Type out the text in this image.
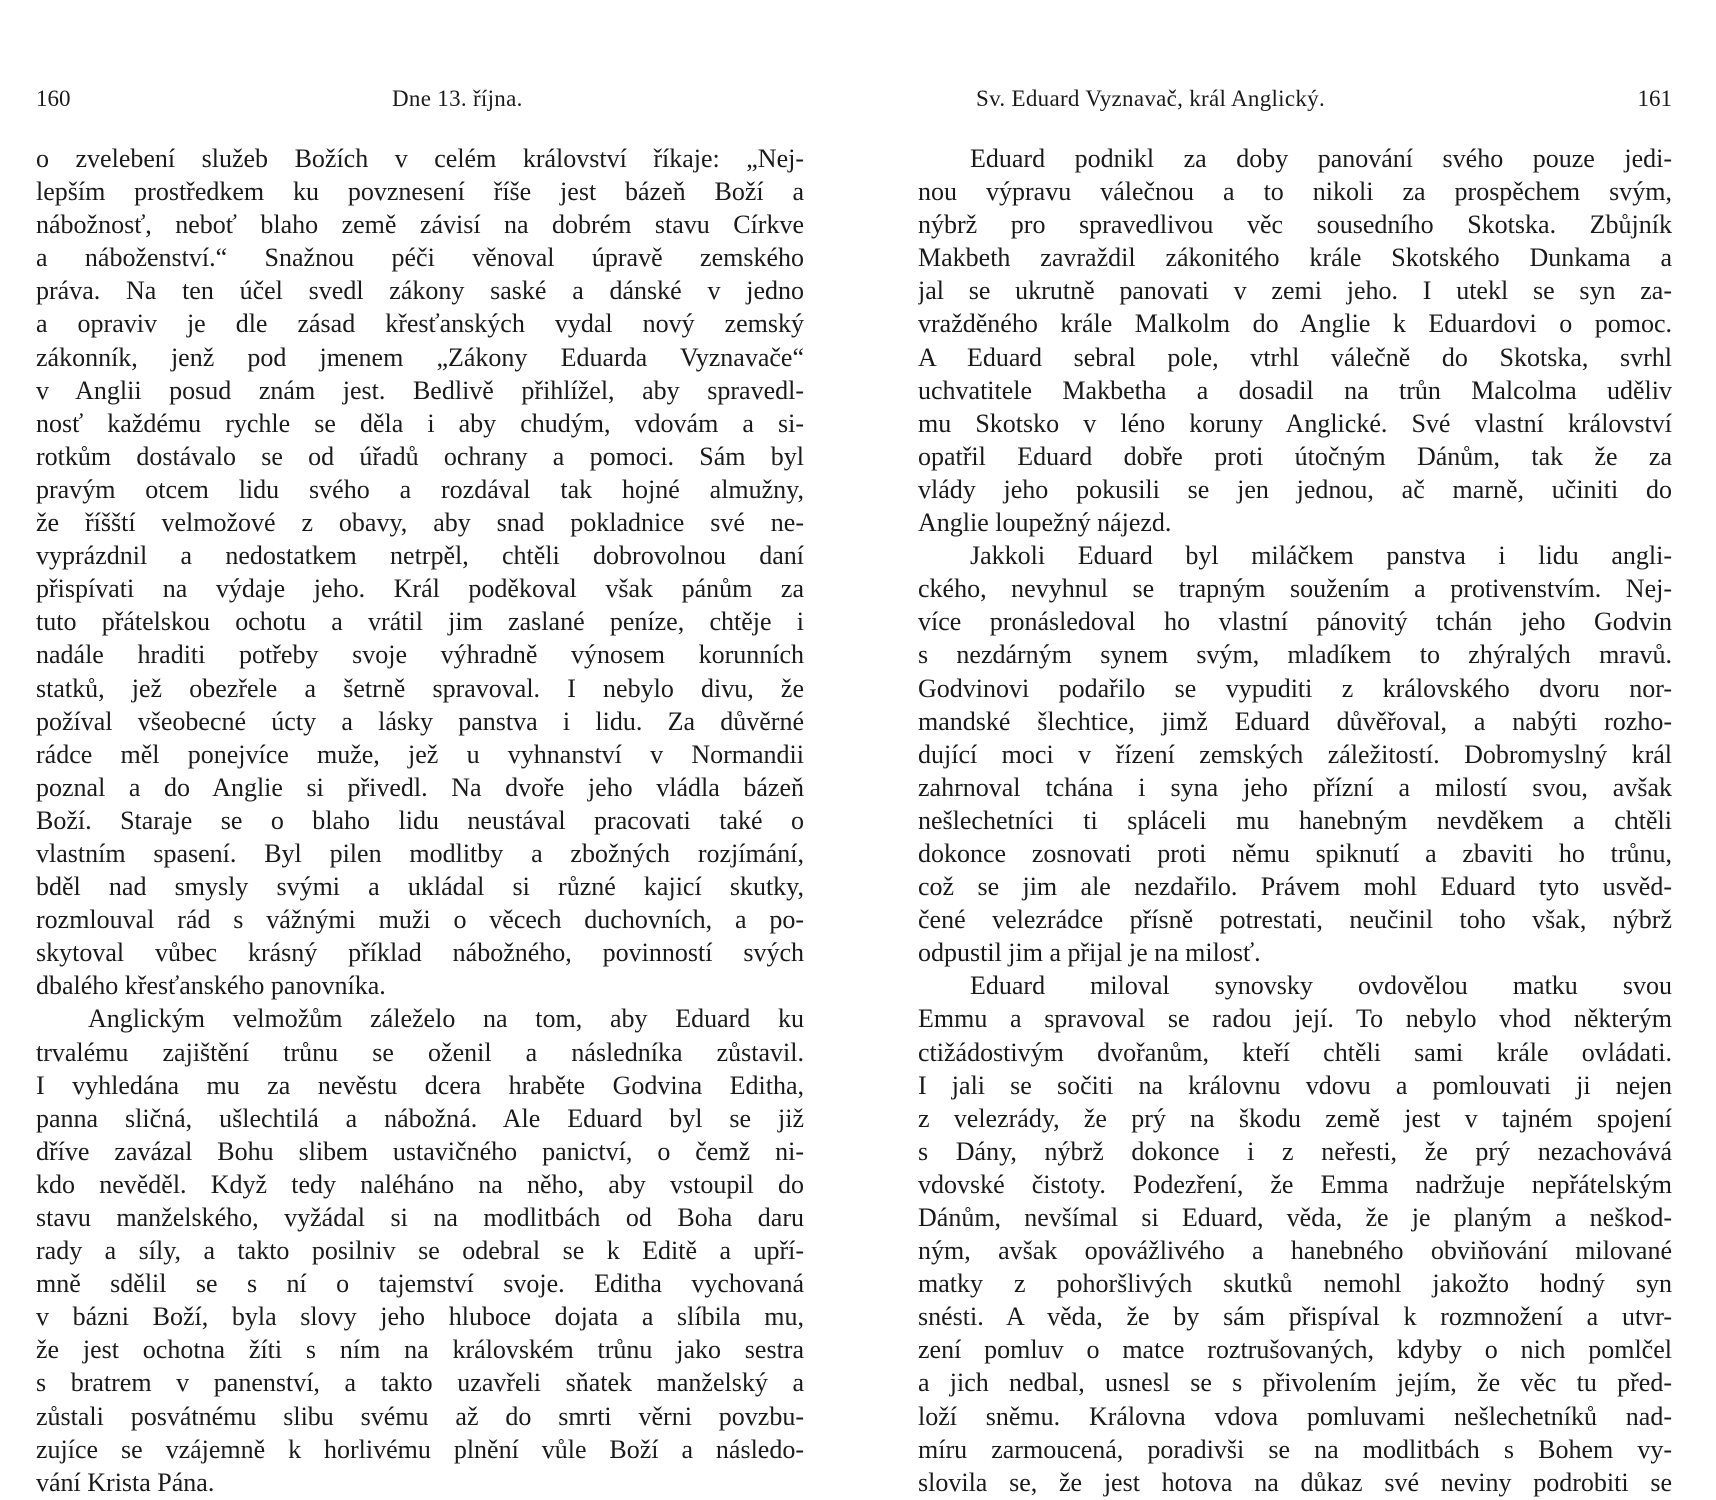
160	Dne 13. října.
o zvelebení služeb Božích v celém království říkaje: „Nej-
lepším prostředkem ku povznesení říše jest bázeň Boží a
nábožnosť, neboť blaho země závisí na dobrém stavu Církve
a náboženství.“ Snažnou péči věnoval úpravě zemského
práva. Na ten účel svedl zákony saské a dánské v jedno
a opraviv je dle zásad křesťanských vydal nový zemský
zákonník, jenž pod jmenem „Zákony Eduarda Vyznavače“
v Anglii posud znám jest. Bedlivě přihlížel, aby spravedl-
nosť každému rychle se děla i aby chudým, vdovám a si-
rotkům dostávalo se od úřadů ochrany a pomoci. Sám byl
pravým otcem lidu svého a rozdával tak hojné almužny,
že říšští velmožové z obavy, aby snad pokladnice své ne-
vyprázdnil a nedostatkem netrpěl, chtěli dobrovolnou daní
přispívati na výdaje jeho. Král poděkoval však pánům za
tuto přátelskou ochotu a vrátil jim zaslané peníze, chtěje i
nadále hraditi potřeby svoje výhradně výnosem korunních
statků, jež obezřele a šetrně spravoval. I nebylo divu, že
požíval všeobecné úcty a lásky panstva i lidu. Za důvěrné
rádce měl ponejvíce muže, jež u vyhnanství v Normandii
poznal a do Anglie si přivedl. Na dvoře jeho vládla bázeň
Boží. Staraje se o blaho lidu neustával pracovati také o
vlastním spasení. Byl pilen modlitby a zbožných rozjímání,
bděl nad smysly svými a ukládal si různé kajicí skutky,
rozmlouval rád s vážnými muži o věcech duchovních, a po-
skytoval vůbec krásný příklad nábožného, povinností svých
dbalého křesťanského panovníka.
Anglickým velmožům záleželo na tom, aby Eduard ku
trvalému zajištění trůnu se oženil a následníka zůstavil.
I vyhledána mu za nevěstu dcera hraběte Godvina Editha,
panna sličná, ušlechtilá a nábožná. Ale Eduard byl se již
dříve zavázal Bohu slibem ustavičného panictví, o čemž ni-
kdo nevěděl. Když tedy naléháno na něho, aby vstoupil do
stavu manželského, vyžádal si na modlitbách od Boha daru
rady a síly, a takto posilniv se odebral se k Editě a upří-
mně sdělil se s ní o tajemství svoje. Editha vychovaná
v bázni Boží, byla slovy jeho hluboce dojata a slíbila mu,
že jest ochotna žíti s ním na královském trůnu jako sestra
s bratrem v panenství, a takto uzavřeli sňatek manželský a
zůstali posvátnému slibu svému až do smrti věrni povzbu-
zujíce se vzájemně k horlivému plnění vůle Boží a následo-
vání Krista Pána.
Sv. Eduard Vyznavač, král Anglický.	161
Eduard podnikl za doby panování svého pouze jedi-
nou výpravu válečnou a to nikoli za prospěchem svým,
nýbrž pro spravedlivou věc sousedního Skotska. Zbůjník
Makbeth zavraždil zákonitého krále Skotského Dunkama a
jal se ukrutně panovati v zemi jeho. I utekl se syn za-
vražděného krále Malkolm do Anglie k Eduardovi o pomoc.
A Eduard sebral pole, vtrhl válečně do Skotska, svrhl
uchvatitele Makbetha a dosadil na trůn Malcolma uděliv
mu Skotsko v léno koruny Anglické. Své vlastní království
opatřil Eduard dobře proti útočným Dánům, tak že za
vlády jeho pokusili se jen jednou, ač marně, učiniti do
Anglie loupežný nájezd.
Jakkoli Eduard byl miláčkem panstva i lidu angli-
ckého, nevyhnul se trapným soužením a protivenstvím. Nej-
více pronásledoval ho vlastní pánovitý tchán jeho Godvin
s nezdárným synem svým, mladíkem to zhýralých mravů.
Godvinovi podařilo se vypuditi z královského dvoru nor-
mandské šlechtice, jimž Eduard důvěřoval, a nabýti rozho-
dující moci v řízení zemských záležitostí. Dobromyslný král
zahrnoval tchána i syna jeho přízní a milostí svou, avšak
nešlechetníci ti spláceli mu hanebným nevděkem a chtěli
dokonce zosnovati proti němu spiknutí a zbaviti ho trůnu,
což se jim ale nezdařilo. Právem mohl Eduard tyto usvěd-
čené velezrádce přísně potrestati, neučinil toho však, nýbrž
odpustil jim a přijal je na milosť.
Eduard miloval synovsky ovdovělou matku svou
Emmu a spravoval se radou její. To nebylo vhod některým
ctižádostivým dvořanům, kteří chtěli sami krále ovládati.
I jali se sočiti na královnu vdovu a pomlouvati ji nejen
z velezrády, že prý na škodu země jest v tajném spojení
s Dány, nýbrž dokonce i z neřesti, že prý nezachovává
vdovské čistoty. Podezření, že Emma nadržuje nepřátelským
Dánům, nevšímal si Eduard, věda, že je planým a neškod-
ným, avšak opovážlivého a hanebného obviňování milované
matky z pohoršlivých skutků nemohl jakožto hodný syn
snésti. A věda, že by sám přispíval k rozmnožení a utvr-
zení pomluv o matce roztrušovaných, kdyby o nich pomlčel
a jich nedbal, usnesl se s přivolením jejím, že věc tu před-
loží sněmu. Královna vdova pomluvami nešlechetníků nad-
míru zarmoucená, poradivši se na modlitbách s Bohem vy-
slovila se, že jest hotova na důkaz své neviny podrobiti se
